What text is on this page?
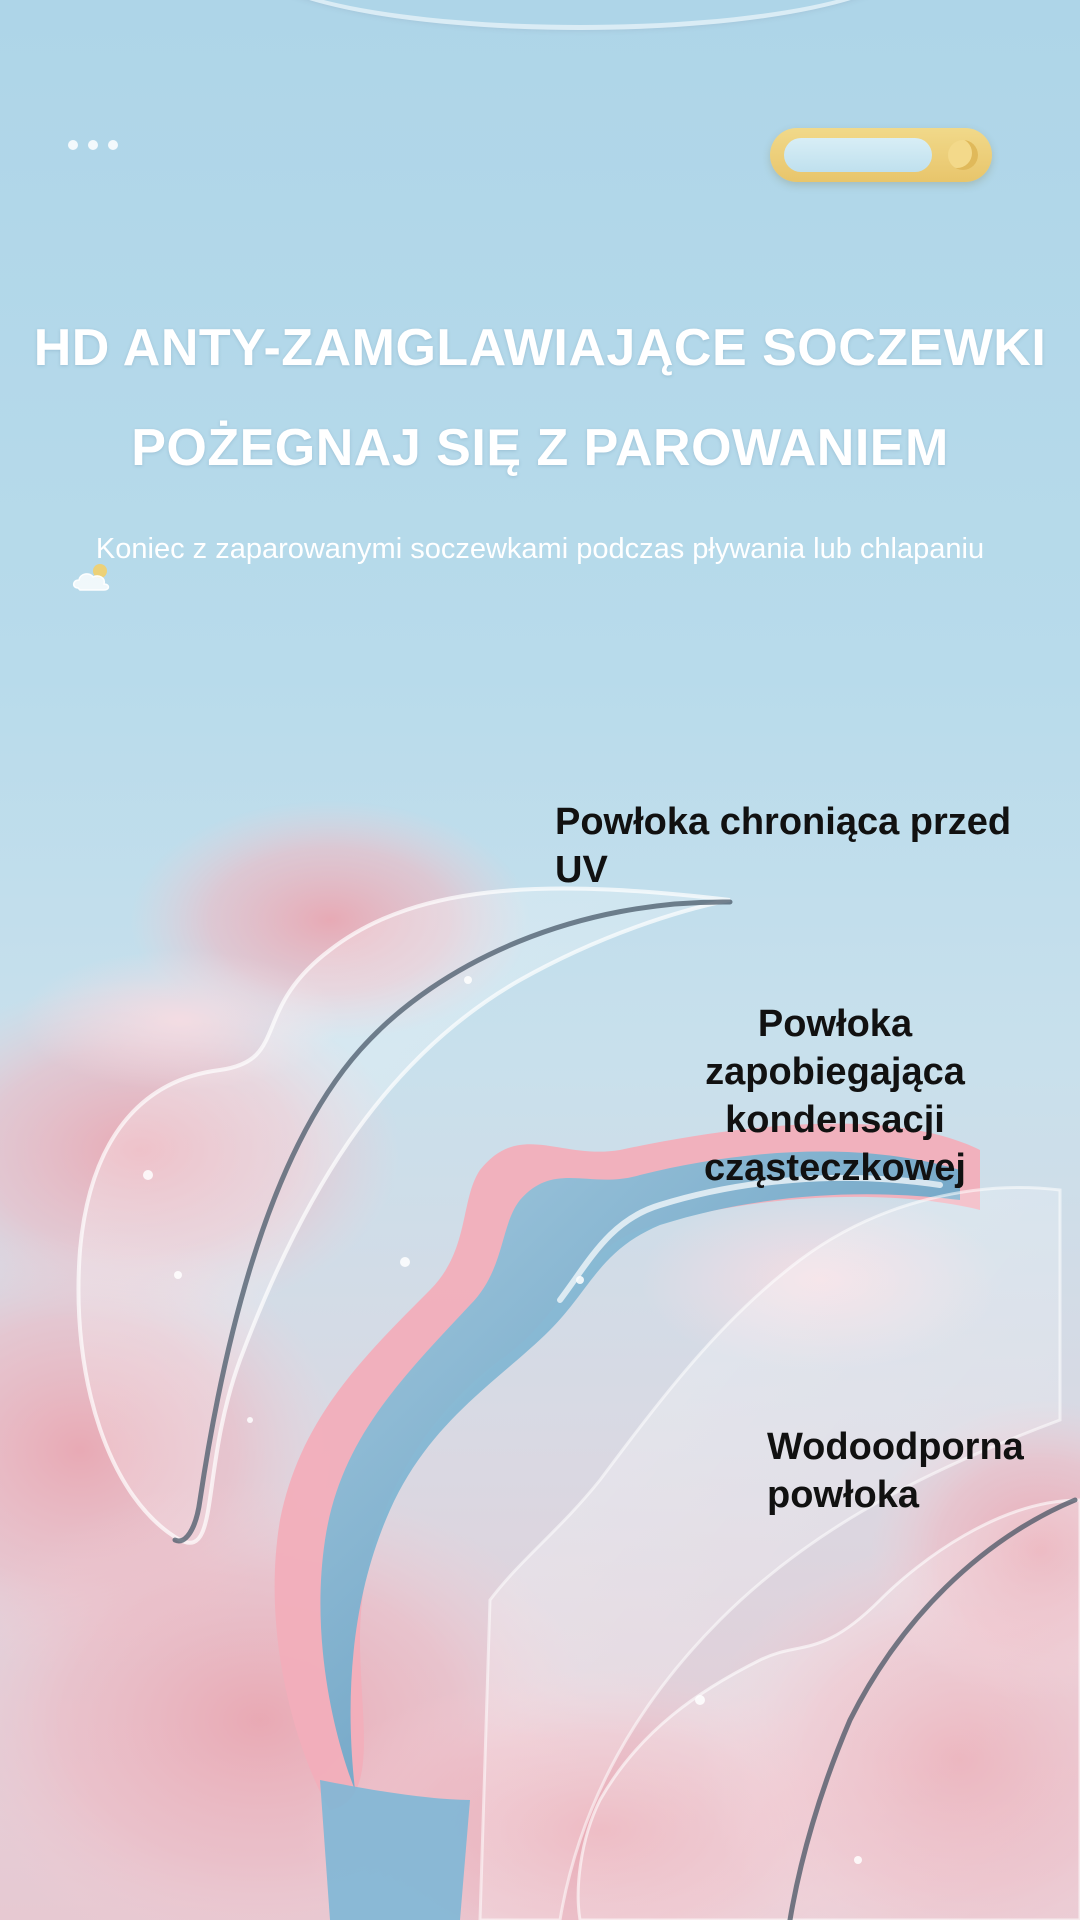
HD ANTY-ZAMGLAWIAJĄCE SOCZEWKI
POŻEGNAJ SIĘ Z PAROWANIEM
Koniec z zaparowanymi soczewkami podczas pływania lub chlapaniu
Powłoka chroniąca przed
UV
Powłoka
zapobiegająca
kondensacji
cząsteczkowej
Wodoodporna
powłoka
